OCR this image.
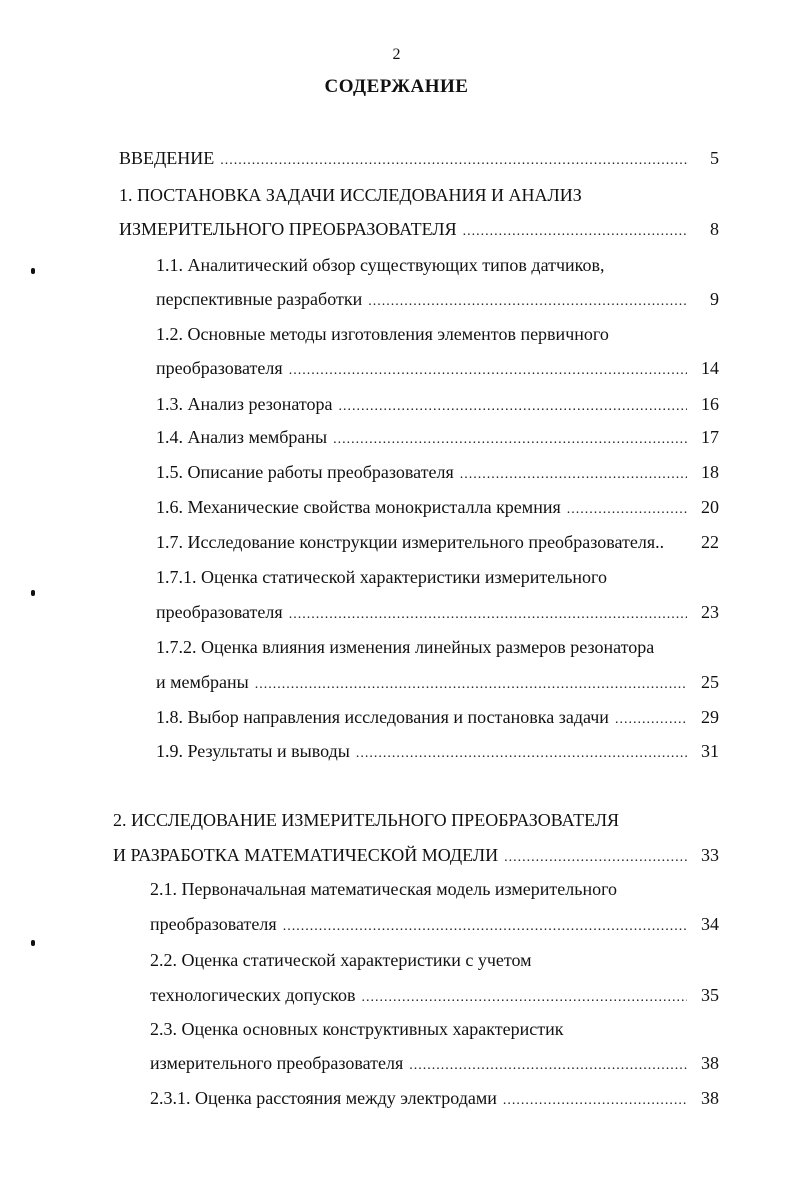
2
СОДЕРЖАНИЕ
ВВЕДЕНИЕ .....	5
1. ПОСТАНОВКА ЗАДАЧИ ИССЛЕДОВАНИЯ И АНАЛИЗ
ИЗМЕРИТЕЛЬНОГО ПРЕОБРАЗОВАТЕЛЯ .....	8
1.1. Аналитический обзор существующих типов датчиков,
перспективные разработки .....	9
1.2. Основные методы изготовления элементов первичного
преобразователя .....	14
1.3. Анализ резонатора .....	16
1.4. Анализ мембраны .....	17
1.5. Описание работы преобразователя .....	18
1.6. Механические свойства монокристалла кремния .....	20
1.7. Исследование конструкции измерительного преобразователя..	22
1.7.1. Оценка статической характеристики измерительного
преобразователя .....	23
1.7.2. Оценка влияния изменения линейных размеров резонатора
и мембраны .....	25
1.8. Выбор направления исследования и постановка задачи .....	29
1.9. Результаты и выводы .....	31
2. ИССЛЕДОВАНИЕ ИЗМЕРИТЕЛЬНОГО ПРЕОБРАЗОВАТЕЛЯ
И РАЗРАБОТКА МАТЕМАТИЧЕСКОЙ МОДЕЛИ .....	33
2.1. Первоначальная математическая модель измерительного
преобразователя .....	34
2.2. Оценка статической характеристики с учетом
технологических допусков .....	35
2.3. Оценка основных конструктивных характеристик
измерительного преобразователя .....	38
2.3.1. Оценка расстояния между электродами .....	38
